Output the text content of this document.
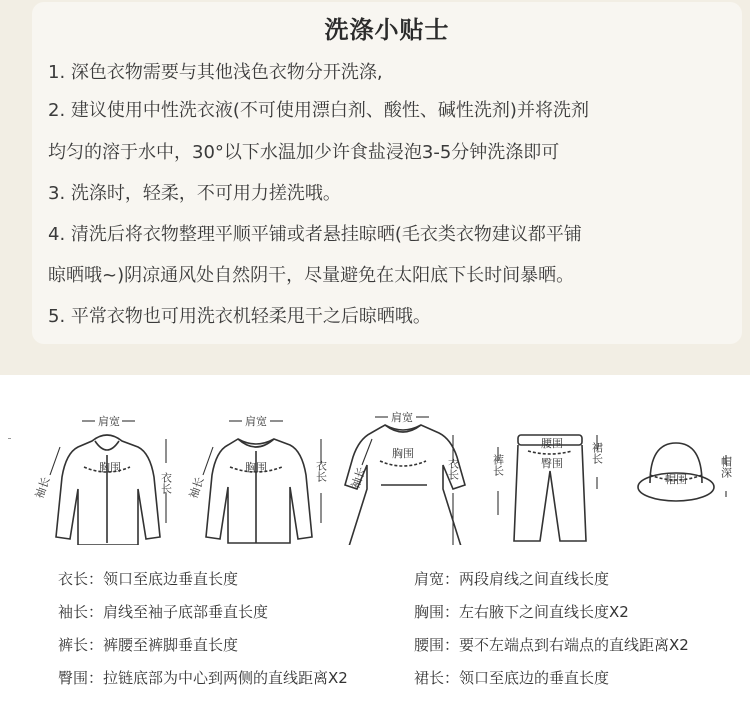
洗涤小贴士
1. 深色衣物需要与其他浅色衣物分开洗涤,
2. 建议使用中性洗衣液(不可使用漂白剂、酸性、碱性洗剂)并将洗剂
均匀的溶于水中，30°以下水温加少许食盐浸泡3-5分钟洗涤即可
3. 洗涤时，轻柔，不可用力搓洗哦。
4. 清洗后将衣物整理平顺平铺或者悬挂晾晒(毛衣类衣物建议都平铺
晾晒哦~)阴凉通风处自然阴干，尽量避免在太阳底下长时间暴晒。
5. 平常衣物也可用洗衣机轻柔甩干之后晾晒哦。
肩宽
胸围
袖长	衣长
肩宽
胸围
袖长
衣长
肩宽
胸围
袖长	衣长
腰围
臀围
裤长
裙长
帽围
帽深
衣长：领口至底边垂直长度	肩宽：两段肩线之间直线长度
袖长：肩线至袖子底部垂直长度	胸围：左右腋下之间直线长度X2
裤长：裤腰至裤脚垂直长度	腰围：要不左端点到右端点的直线距离X2
臀围：拉链底部为中心到两侧的直线距离X2	裙长：领口至底边的垂直长度
